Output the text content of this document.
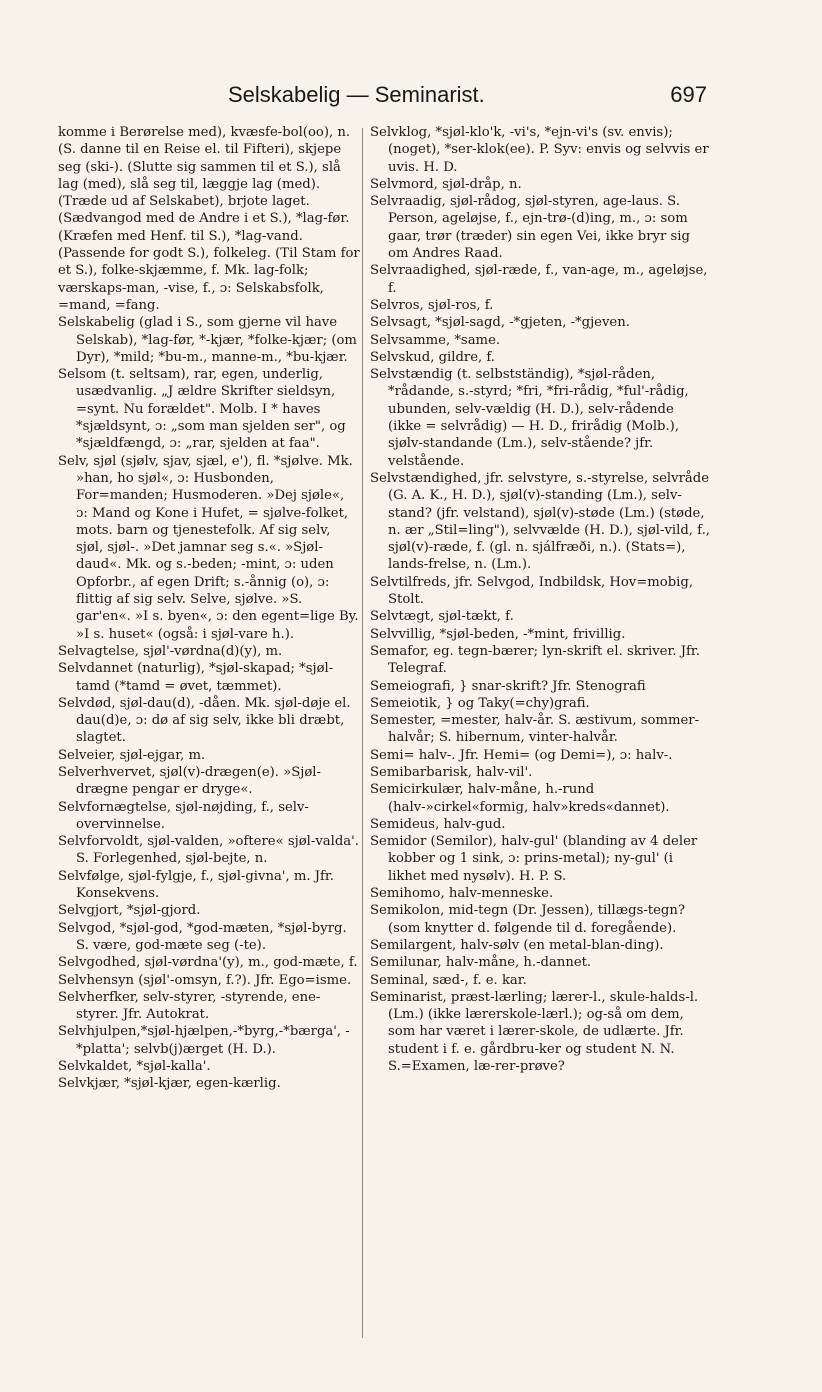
Selskabelig — Seminarist.	697

komme i Berørelse med), kvæsfe-bol(oo), n. (S. danne til en Reise el. til Fifteri), skjepe seg (ski-). (Slutte sig sammen til et S.), slå lag (med), slå seg til, læggje lag (med). (Træde ud af Selskabet), brjote laget. (Sædvangod med de Andre i et S.), *lag-før. (Kræfen med Henf. til S.), *lag-vand. (Passende for godt S.), folkeleg. (Til Stam for et S.), folke-skjæmme, f. Mk. lag-folk; værskaps-man, -vise, f., ɔ: Selskabsfolk, =mand, =fang.

Selskabelig (glad i S., som gjerne vil have Selskab), *lag-før, *-kjær, *folke-kjær; (om Dyr), *mild; *bu-m., manne-m., *bu-kjær.

Selsom (t. seltsam), rar, egen, underlig, usædvanlig. „J ældre Skrifter sieldsyn, =synt. Nu forældet". Molb. I * haves *sjældsynt, ɔ: „som man sjelden ser", og *sjældfængd, ɔ: „rar, sjelden at faa".

Selv, sjøl (sjølv, sjav, sjæl, e'), fl. *sjølve. Mk. »han, ho sjøl«, ɔ: Husbonden, For=manden; Husmoderen. »Dej sjøle«, ɔ: Mand og Kone i Hufet, = sjølve-folket, mots. barn og tjenestefolk. Af sig selv, sjøl, sjøl-. »Det jamnar seg s.«. »Sjøl-daud«. Mk. og s.-beden; -mint, ɔ: uden Opforbr., af egen Drift; s.-ånnig (o), ɔ: flittig af sig selv. Selve, sjølve. »S. gar'en«. »I s. byen«, ɔ: den egent=lige By. »I s. huset« (også: i sjøl-vare h.).

Selvagtelse, sjøl'-vørdna(d)(y), m.

Selvdannet (naturlig), *sjøl-skapad; *sjøl-tamd (*tamd = øvet, tæmmet).

Selvdød, sjøl-dau(d), -dåen. Mk. sjøl-døje el. dau(d)e, ɔ: dø af sig selv, ikke bli dræbt, slagtet.

Selveier, sjøl-ejgar, m.

Selverhvervet, sjøl(v)-drægen(e). »Sjøl-drægne pengar er dryge«.

Selvfornægtelse, sjøl-nøjding, f., selv-overvinnelse.

Selvforvoldt, sjøl-valden, »oftere« sjøl-valda'. S. Forlegenhed, sjøl-bejte, n.

Selvfølge, sjøl-fylgje, f., sjøl-givna', m. Jfr. Konsekvens.

Selvgjort, *sjøl-gjord.

Selvgod, *sjøl-god, *god-mæten, *sjøl-byrg. S. være, god-mæte seg (-te).

Selvgodhed, sjøl-vørdna'(y), m., god-mæte, f.

Selvhensyn (sjøl'-omsyn, f.?). Jfr. Ego=isme.

Selvherfker, selv-styrer, -styrende, ene-styrer. Jfr. Autokrat.

Selvhjulpen,*sjøl-hjælpen,-*byrg,-*bærga', -*platta'; selvb(j)ærget (H. D.).

Selvkaldet, *sjøl-kalla'.

Selvkjær, *sjøl-kjær, egen-kærlig.

Selvklog, *sjøl-klo'k, -vi's, *ejn-vi's (sv. envis); (noget), *ser-klok(ee). P. Syv: envis og selvvis er uvis. H. D.

Selvmord, sjøl-dråp, n.

Selvraadig, sjøl-rådog, sjøl-styren, age-laus. S. Person, ageløjse, f., ejn-trø-(d)ing, m., ɔ: som gaar, trør (træder) sin egen Vei, ikke bryr sig om Andres Raad.

Selvraadighed, sjøl-ræde, f., van-age, m., ageløjse, f.

Selvros, sjøl-ros, f.

Selvsagt, *sjøl-sagd, -*gjeten, -*gjeven.

Selvsamme, *same.

Selvskud, gildre, f.

Selvstændig (t. selbstständig), *sjøl-råden, *rådande, s.-styrd; *fri, *fri-rådig, *ful'-rådig, ubunden, selv-vældig (H. D.), selv-rådende (ikke = selvrådig) — H. D., frirådig (Molb.), sjølv-standande (Lm.), selv-stående? jfr. velstående.

Selvstændighed, jfr. selvstyre, s.-styrelse, selvråde (G. A. K., H. D.), sjøl(v)-standing (Lm.), selv-stand? (jfr. velstand), sjøl(v)-støde (Lm.) (støde, n. ær „Stil=ling"), selvvælde (H. D.), sjøl-vild, f., sjøl(v)-ræde, f. (gl. n. sjálfræði, n.). (Stats=), lands-frelse, n. (Lm.).

Selvtilfreds, jfr. Selvgod, Indbildsk, Hov=mobig, Stolt.

Selvtægt, sjøl-tækt, f.

Selvvillig, *sjøl-beden, -*mint, frivillig.

Semafor, eg. tegn-bærer; lyn-skrift el. skriver. Jfr. Telegraf.

Semeiografi, } snar-skrift? Jfr. Stenografi

Semeiotik, } og Taky(=chy)grafi.

Semester, =mester, halv-år. S. æstivum, sommer-halvår; S. hibernum, vinter-halvår.

Semi= halv-. Jfr. Hemi= (og Demi=), ɔ: halv-.

Semibarbarisk, halv-vil'.

Semicirkulær, halv-måne, h.-rund (halv-»cirkel«formig, halv»kreds«dannet).

Semideus, halv-gud.

Semidor (Semilor), halv-gul' (blanding av 4 deler kobber og 1 sink, ɔ: prins-metal); ny-gul' (i likhet med nysølv). H. P. S.

Semihomo, halv-menneske.

Semikolon, mid-tegn (Dr. Jessen), tillægs-tegn? (som knytter d. følgende til d. foregående).

Semilargent, halv-sølv (en metal-blan-ding).

Semilunar, halv-måne, h.-dannet.

Seminal, sæd-, f. e. kar.

Seminarist, præst-lærling; lærer-l., skule-halds-l. (Lm.) (ikke lærerskole-lærl.); og-så om dem, som har været i lærer-skole, de udlærte. Jfr. student i f. e. gårdbru-ker og student N. N. S.=Examen, læ-rer-prøve?
